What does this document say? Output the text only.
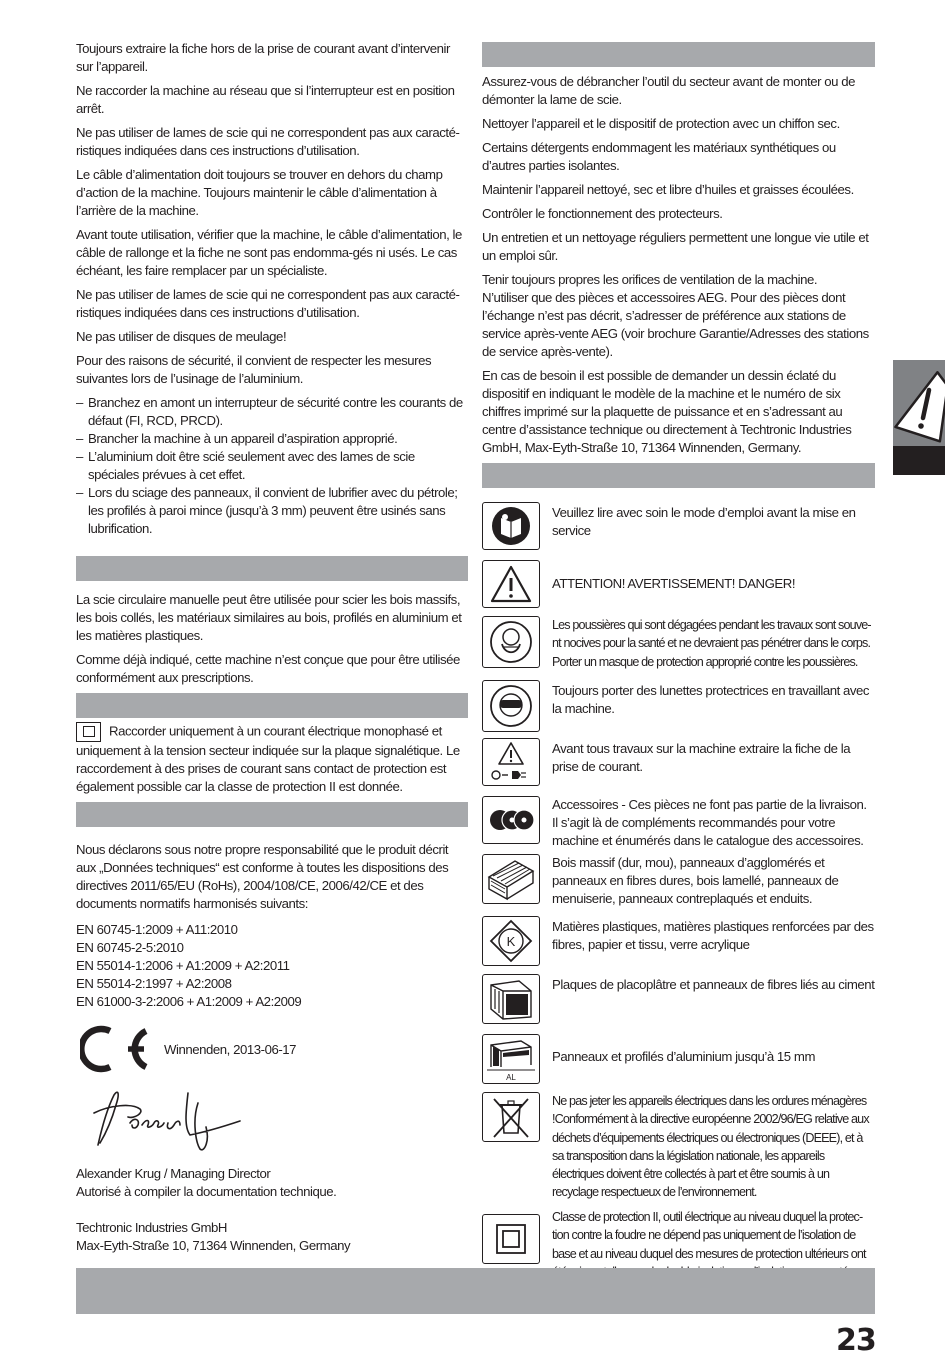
Toujours extraire la fiche hors de la prise de courant avant d’intervenir sur l’appareil.

Ne raccorder la machine au réseau que si l’interrupteur est en position arrêt.

Ne pas utiliser de lames de scie qui ne correspondent pas aux caracté-ristiques indiquées dans ces instructions d’utilisation.

Le câble d’alimentation doit toujours se trouver en dehors du champ d’action de la machine. Toujours maintenir le câble d’alimentation à l’arrière de la machine.

Avant toute utilisation, vérifier que la machine, le câble d’alimentation, le câble de rallonge et la fiche ne sont pas endomma-gés ni usés. Le cas échéant, les faire remplacer par un spécialiste.

Ne pas utiliser de lames de scie qui ne correspondent pas aux caracté-ristiques indiquées dans ces instructions d’utilisation.

Ne pas utiliser de disques de meulage!

Pour des raisons de sécurité, il convient de respecter les mesures suivantes lors de l’usinage de l’aluminium.

– Branchez en amont un interrupteur de sécurité contre les courants de défaut (FI, RCD, PRCD).

– Brancher la machine à un appareil d’aspiration approprié.

– L’aluminium doit être scié seulement avec des lames de scie spéciales prévues à cet effet.

– Lors du sciage des panneaux, il convient de lubrifier avec du pétrole; les profilés à paroi mince (jusqu’à 3 mm) peuvent être usinés sans lubrification.

La scie circulaire manuelle peut être utilisée pour scier les bois massifs, les bois collés, les matériaux similaires au bois, profilés en aluminium et les matières plastiques.

Comme déjà indiqué, cette machine n’est conçue que pour être utilisée conformément aux prescriptions.

Raccorder uniquement à un courant électrique monophasé et uniquement à la tension secteur indiquée sur la plaque signalétique. Le raccordement à des prises de courant sans contact de protection est également possible car la classe de protection II est donnée.

Nous déclarons sous notre propre responsabilité que le produit décrit aux „Données techniques“ est conforme à toutes les dispositions des directives 2011/65/EU (RoHs), 2004/108/CE, 2006/42/CE et des documents normatifs harmonisés suivants:

EN 60745-1:2009 + A11:2010

EN 60745-2-5:2010

EN 55014-1:2006 + A1:2009 + A2:2011

EN 55014-2:1997 + A2:2008

EN 61000-3-2:2006 + A1:2009 + A2:2009

Winnenden, 2013-06-17

Alexander Krug / Managing Director

Autorisé à compiler la documentation technique.

Techtronic Industries GmbH

Max-Eyth-Straße 10, 71364 Winnenden, Germany

Assurez-vous de débrancher l’outil du secteur avant de monter ou de démonter la lame de scie.

Nettoyer l’appareil et le dispositif de protection avec un chiffon sec.

Certains détergents endommagent les matériaux synthétiques ou d’autres parties isolantes.

Maintenir l’appareil nettoyé, sec et libre d’huiles et graisses écoulées.

Contrôler le fonctionnement des protecteurs.

Un entretien et un nettoyage réguliers permettent une longue vie utile et un emploi sûr.

Tenir toujours propres les orifices de ventilation de la machine.

N’utiliser que des pièces et accessoires AEG. Pour des pièces dont l’échange n’est pas décrit, s’adresser de préférence aux stations de service après-vente AEG (voir brochure Garantie/Adresses des stations de service après-vente).

En cas de besoin il est possible de demander un dessin éclaté du dispositif en indiquant le modèle de la machine et le numéro de six chiffres imprimé sur la plaquette de puissance et en s’adressant au centre d’assistance technique ou directement à Techtronic Industries GmbH, Max-Eyth-Straße 10, 71364 Winnenden, Germany.

Veuillez lire avec soin le mode d’emploi avant la mise en service

ATTENTION! AVERTISSEMENT! DANGER!

Les poussières qui sont dégagées pendant les travaux sont souve-nt nocives pour la santé et ne devraient pas pénétrer dans le corps. Porter un masque de protection approprié contre les poussières.

Toujours porter des lunettes protectrices en travaillant avec la machine.

Avant tous travaux sur la machine extraire la fiche de la prise de courant.

Accessoires - Ces pièces ne font pas partie de la livraison. Il s’agit là de compléments recommandés pour votre machine et énumérés dans le catalogue des accessoires.

Bois massif (dur, mou), panneaux d’agglomérés et panneaux en fibres dures, bois lamellé, panneaux de menuiserie, panneaux contreplaqués et enduits.

K

Matières plastiques, matières plastiques renforcées par des fibres, papier et tissu, verre acrylique

Plaques de placoplâtre et panneaux de fibres liés au ciment

AL

Panneaux et profilés d’aluminium jusqu’à 15 mm

Ne pas jeter les appareils électriques dans les ordures ménagères !Conformément à la directive européenne 2002/96/EG relative aux déchets d’équipements électriques ou électroniques (DEEE), et à sa transposition dans la législation nationale, les appareils électriques doivent être collectés à part et être soumis à un recyclage respectueux de l’environnement.

Classe de protection II, outil électrique au niveau duquel la protec-tion contre la foudre ne dépend pas uniquement de l’isolation de base et au niveau duquel des mesures de protection ultérieurs ont

23
